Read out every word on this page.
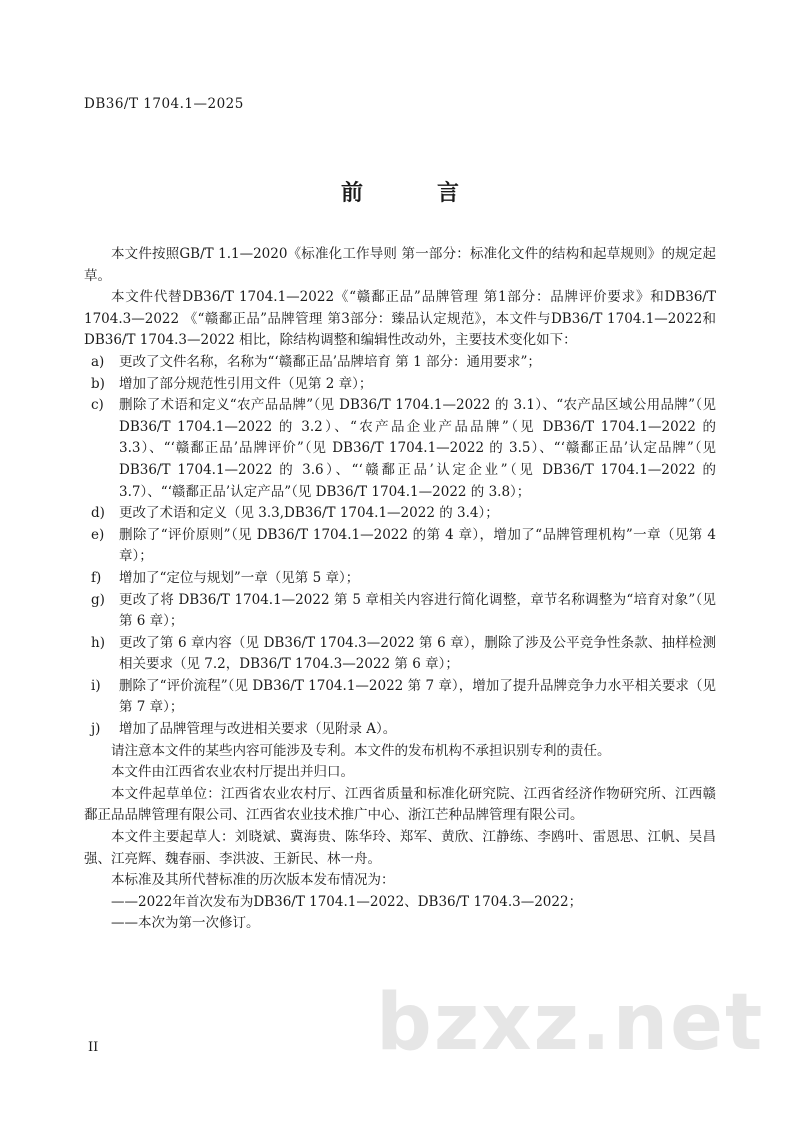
DB36/T 1704.1—2025
前　言

本文件按照GB/T 1.1—2020《标准化工作导则 第一部分：标准化文件的结构和起草规则》的规定起草。

本文件代替DB36/T 1704.1—2022《“赣鄱正品”品牌管理 第1部分：品牌评价要求》和DB36/T 1704.3—2022 《“赣鄱正品”品牌管理 第3部分：臻品认定规范》，本文件与DB36/T 1704.1—2022和DB36/T 1704.3—2022 相比，除结构调整和编辑性改动外，主要技术变化如下：

a) 更改了文件名称，名称为“‘赣鄱正品’品牌培育 第 1 部分：通用要求”；
b) 增加了部分规范性引用文件（见第 2 章）；
c) 删除了术语和定义“农产品品牌”（见 DB36/T 1704.1—2022 的 3.1）、“农产品区域公用品牌”（见 DB36/T 1704.1—2022 的 3.2）、“农产品企业产品品牌”（见 DB36/T 1704.1—2022 的 3.3）、“‘赣鄱正品’品牌评价”（见 DB36/T 1704.1—2022 的 3.5）、“‘赣鄱正品’认定品牌”（见 DB36/T 1704.1—2022 的 3.6）、“‘赣鄱正品’认定企业”（见 DB36/T 1704.1—2022 的 3.7）、“‘赣鄱正品’认定产品”（见 DB36/T 1704.1—2022 的 3.8）；
d) 更改了术语和定义（见 3.3,DB36/T 1704.1—2022 的 3.4）；
e) 删除了“评价原则”（见 DB36/T 1704.1—2022 的第 4 章），增加了“品牌管理机构”一章（见第 4 章）；
f) 增加了“定位与规划”一章（见第 5 章）；
g) 更改了将 DB36/T 1704.1—2022 第 5 章相关内容进行简化调整，章节名称调整为“培育对象”（见第 6 章）；
h) 更改了第 6 章内容（见 DB36/T 1704.3—2022 第 6 章），删除了涉及公平竞争性条款、抽样检测相关要求（见 7.2，DB36/T 1704.3—2022 第 6 章）；
i) 删除了“评价流程”（见 DB36/T 1704.1—2022 第 7 章），增加了提升品牌竞争力水平相关要求（见第 7 章）；
j) 增加了品牌管理与改进相关要求（见附录 A）。

请注意本文件的某些内容可能涉及专利。本文件的发布机构不承担识别专利的责任。

本文件由江西省农业农村厅提出并归口。

本文件起草单位：江西省农业农村厅、江西省质量和标准化研究院、江西省经济作物研究所、江西赣鄱正品品牌管理有限公司、江西省农业技术推广中心、浙江芒种品牌管理有限公司。

本文件主要起草人：刘晓斌、冀海贵、陈华玲、郑军、黄欣、江静练、李鸥叶、雷恩思、江帆、吴昌强、江亮辉、魏春丽、李洪波、王新民、林一舟。

本标准及其所代替标准的历次版本发布情况为：

——2022年首次发布为DB36/T 1704.1—2022、DB36/T 1704.3—2022；

——本次为第一次修订。

bzxz.net
II
